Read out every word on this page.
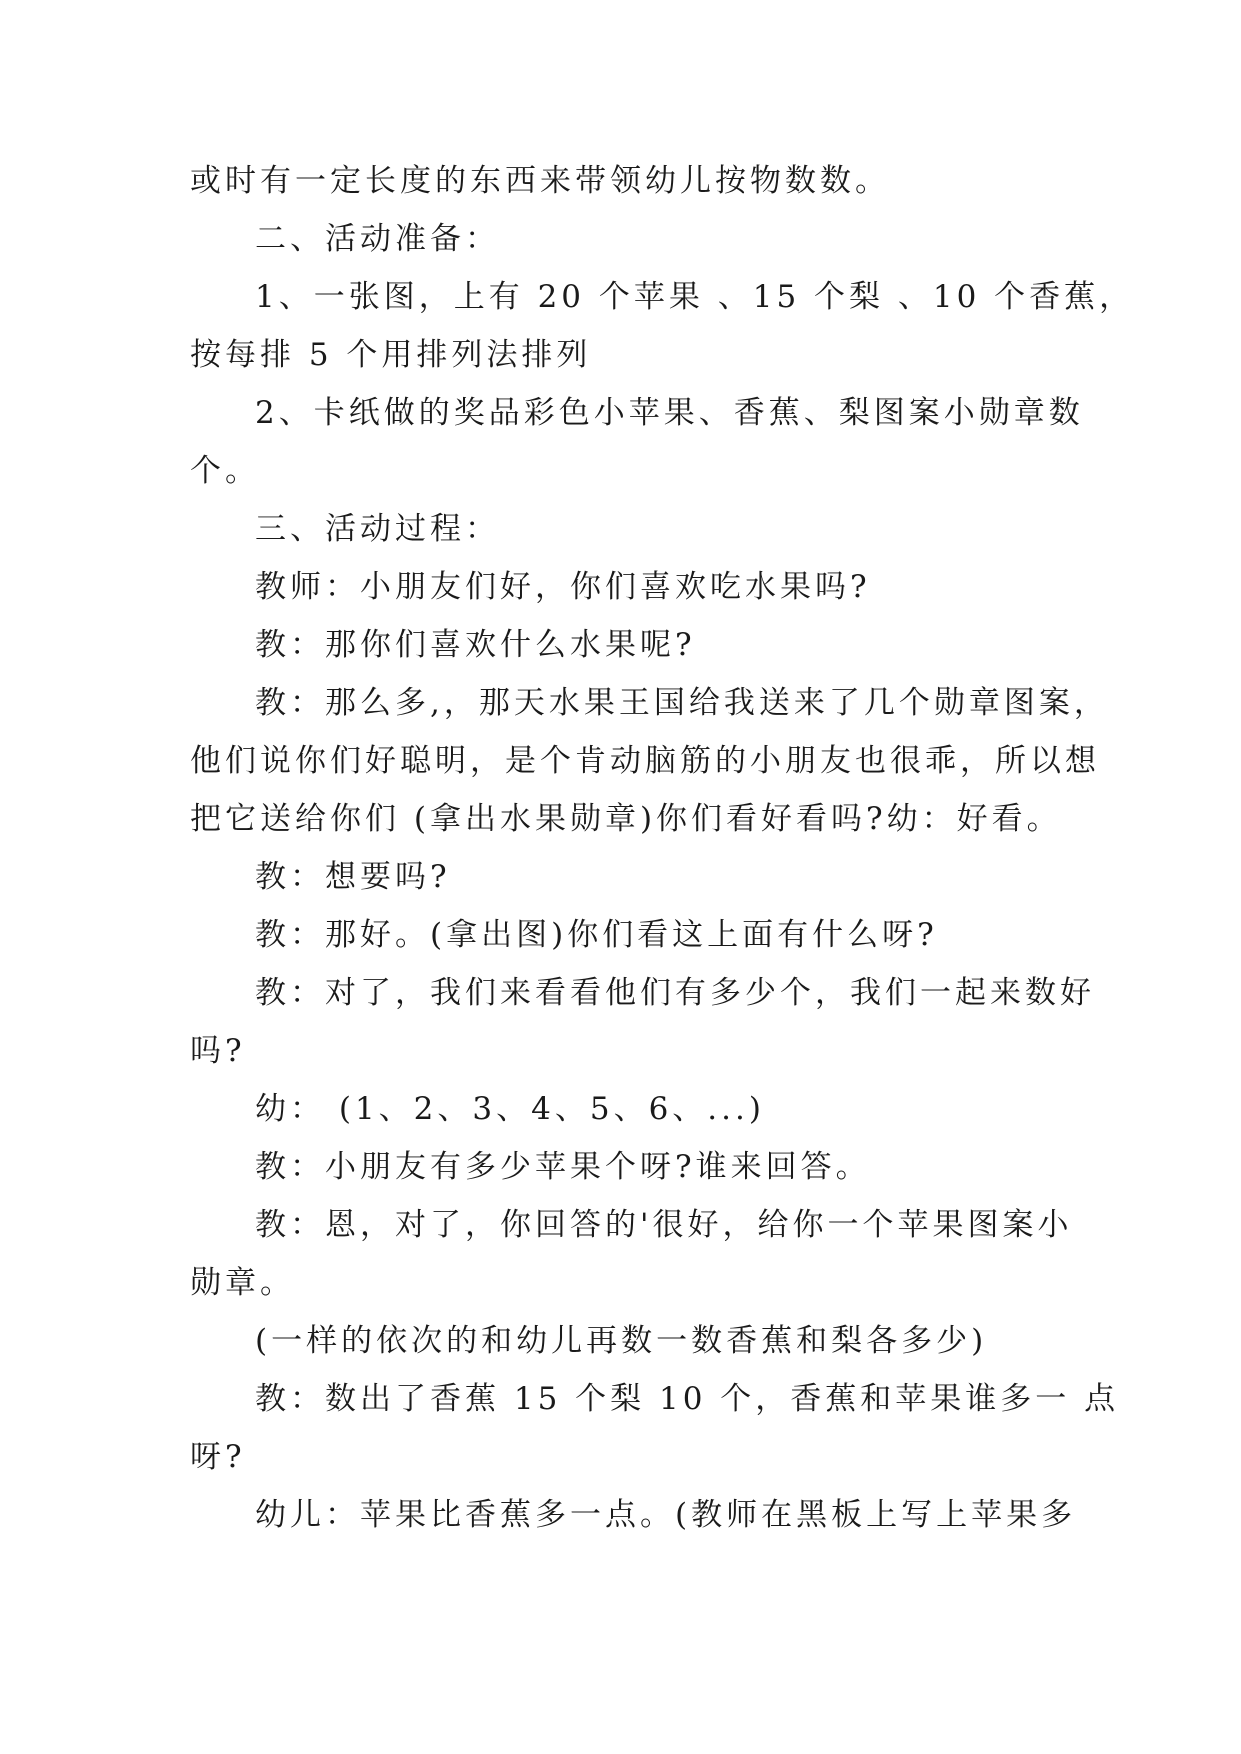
或时有一定长度的东西来带领幼儿按物数数。
二、活动准备：
1、一张图，上有 20 个苹果 、15 个梨 、10 个香蕉，
按每排 5 个用排列法排列
2、卡纸做的奖品彩色小苹果、香蕉、梨图案小勋章数
个。
三、活动过程：
教师：小朋友们好，你们喜欢吃水果吗?
教：那你们喜欢什么水果呢?
教：那么多,，那天水果王国给我送来了几个勋章图案，
他们说你们好聪明，是个肯动脑筋的小朋友也很乖，所以想
把它送给你们 (拿出水果勋章)你们看好看吗?幼：好看。
教：想要吗?
教：那好。(拿出图)你们看这上面有什么呀?
教：对了，我们来看看他们有多少个，我们一起来数好
吗?
幼： (1、2、3、4、5、6、...)
教：小朋友有多少苹果个呀?谁来回答。
教：恩，对了，你回答的'很好，给你一个苹果图案小
勋章。
(一样的依次的和幼儿再数一数香蕉和梨各多少)
教：数出了香蕉 15 个梨 10 个，香蕉和苹果谁多一 点
呀?
幼儿：苹果比香蕉多一点。(教师在黑板上写上苹果多
